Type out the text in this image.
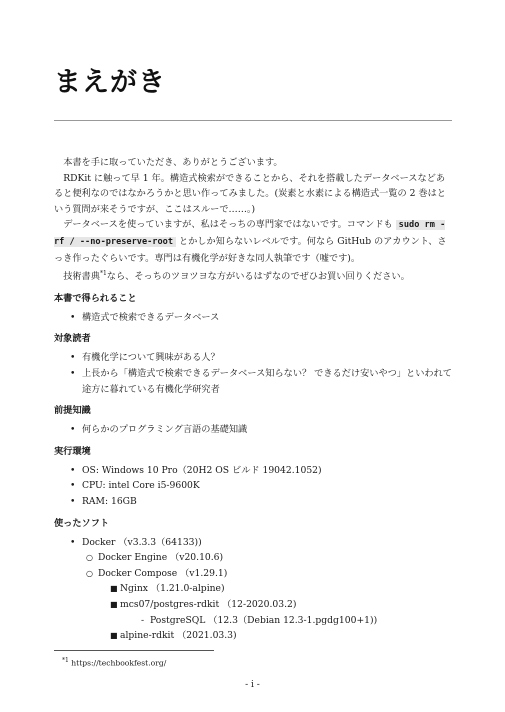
まえがき

本書を手に取っていただき、ありがとうございます。

RDKit に触って早 1 年。構造式検索ができることから、それを搭載したデータベースなどあると便利なのではなかろうかと思い作ってみました。(炭素と水素による構造式一覧の 2 巻はという質問が来そうですが、ここはスルーで……。)

データベースを使っていますが、私はそっちの専門家ではないです。コマンドも sudo rm -rf / --no-preserve-root とかしか知らないレベルです。何なら GitHub のアカウント、さっき作ったぐらいです。専門は有機化学が好きな同人執筆です（嘘です)。

技術書典$^{*1}$なら、そっちのツヨツヨな方がいるはずなのでぜひお買い回りください。

本書で得られること
• 構造式で検索できるデータベース
対象読者
• 有機化学について興味がある人？
• 上長から「構造式で検索できるデータベース知らない？ できるだけ安いやつ」といわれて途方に暮れている有機化学研究者
前提知識
• 何らかのプログラミング言語の基礎知識
実行環境
• OS: Windows 10 Pro（20H2 OS ビルド 19042.1052)
• CPU: intel Core i5-9600K
• RAM: 16GB
使ったソフト
• Docker （v3.3.3（64133))
○ Docker Engine （v20.10.6)
○ Docker Compose （v1.29.1)
■ Nginx （1.21.0-alpine)
■ mcs07/postgres-rdkit （12-2020.03.2)
- PostgreSQL （12.3（Debian 12.3-1.pgdg100+1))
■ alpine-rdkit （2021.03.3)
$^{*1}$ https://techbookfest.org/
- i -
